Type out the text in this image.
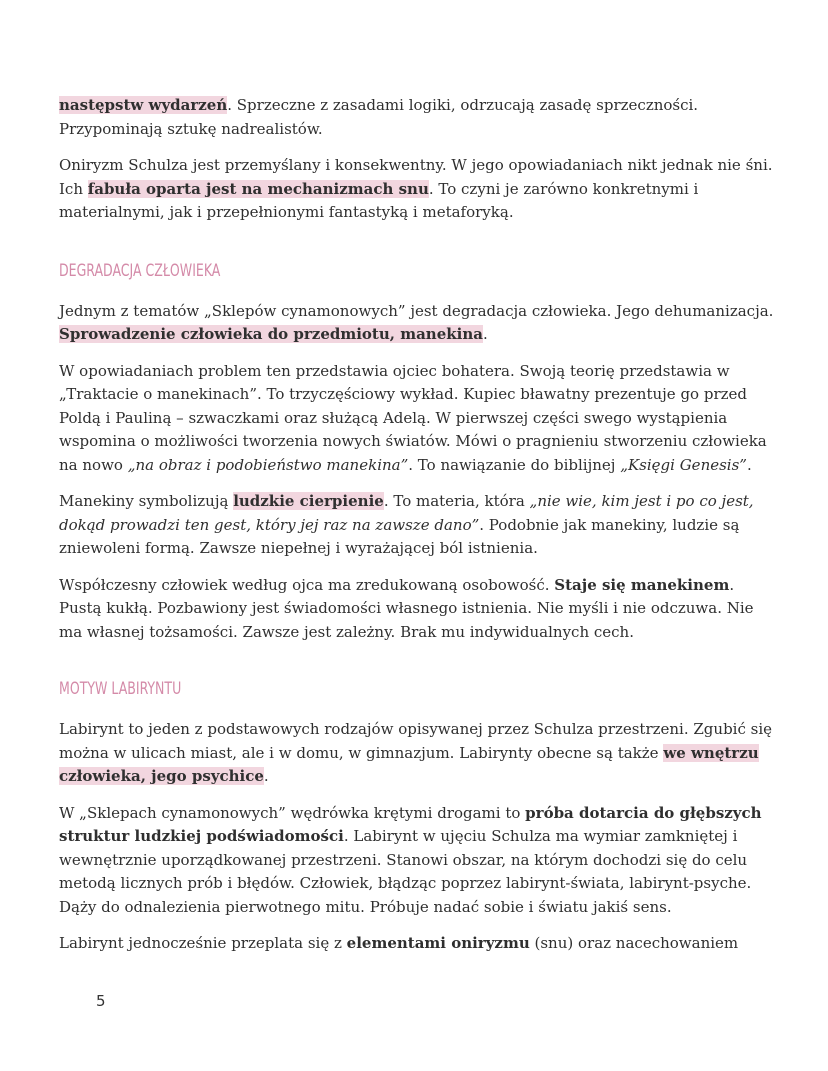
następstw wydarzeń. Sprzeczne z zasadami logiki, odrzucają zasadę sprzeczności. Przypominają sztukę nadrealistów.

Oniryzm Schulza jest przemyślany i konsekwentny. W jego opowiadaniach nikt jednak nie śni. Ich fabuła oparta jest na mechanizmach snu. To czyni je zarówno konkretnymi i materialnymi, jak i przepełnionymi fantastyką i metaforyką.

DEGRADACJA CZŁOWIEKA

Jednym z tematów „Sklepów cynamonowych” jest degradacja człowieka. Jego dehumanizacja. Sprowadzenie człowieka do przedmiotu, manekina.

W opowiadaniach problem ten przedstawia ojciec bohatera. Swoją teorię przedstawia w „Traktacie o manekinach”. To trzyczęściowy wykład. Kupiec bławatny prezentuje go przed Poldą i Pauliną – szwaczkami oraz służącą Adelą. W pierwszej części swego wystąpienia wspomina o możliwości tworzenia nowych światów. Mówi o pragnieniu stworzeniu człowieka na nowo „na obraz i podobieństwo manekina”. To nawiązanie do biblijnej „Księgi Genesis”.

Manekiny symbolizują ludzkie cierpienie. To materia, która „nie wie, kim jest i po co jest, dokąd prowadzi ten gest, który jej raz na zawsze dano”. Podobnie jak manekiny, ludzie są zniewoleni formą. Zawsze niepełnej i wyrażającej ból istnienia.

Współczesny człowiek według ojca ma zredukowaną osobowość. Staje się manekinem. Pustą kukłą. Pozbawiony jest świadomości własnego istnienia. Nie myśli i nie odczuwa. Nie ma własnej tożsamości. Zawsze jest zależny. Brak mu indywidualnych cech.

MOTYW LABIRYNTU

Labirynt to jeden z podstawowych rodzajów opisywanej przez Schulza przestrzeni. Zgubić się można w ulicach miast, ale i w domu, w gimnazjum. Labirynty obecne są także we wnętrzu człowieka, jego psychice.

W „Sklepach cynamonowych” wędrówka krętymi drogami to próba dotarcia do głębszych struktur ludzkiej podświadomości. Labirynt w ujęciu Schulza ma wymiar zamkniętej i wewnętrznie uporządkowanej przestrzeni. Stanowi obszar, na którym dochodzi się do celu metodą licznych prób i błędów. Człowiek, błądząc poprzez labirynt-świata, labirynt-psyche. Dąży do odnalezienia pierwotnego mitu. Próbuje nadać sobie i światu jakiś sens.

Labirynt jednocześnie przeplata się z elementami oniryzmu (snu) oraz nacechowaniem

5
